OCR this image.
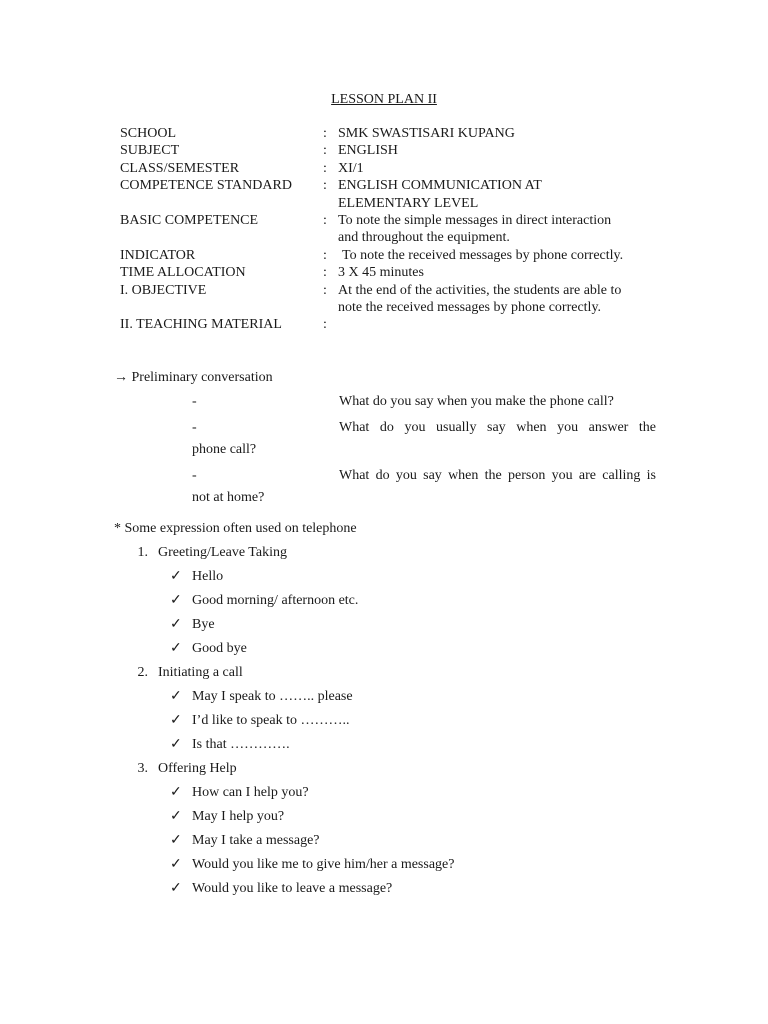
LESSON PLAN II
SCHOOL	: SMK SWASTISARI KUPANG
SUBJECT	: ENGLISH
CLASS/SEMESTER	: XI/1
COMPETENCE STANDARD	: ENGLISH COMMUNICATION AT
ELEMENTARY LEVEL
BASIC COMPETENCE	: To note the simple messages in direct interaction
and throughout the equipment.
INDICATOR	:	To note the received messages by phone correctly.
TIME ALLOCATION	: 3 X 45 minutes
I. OBJECTIVE	: At the end of the activities, the students are able to
note the received messages by phone correctly.
II. TEACHING MATERIAL	:
→ Preliminary conversation
-	What do you say when you make the phone call?
-	What do you usually say when you answer the
phone call?
-	What do you say when the person you are calling is
not at home?
* Some expression often used on telephone
1. Greeting/Leave Taking
✓ Hello
✓ Good morning/ afternoon etc.
✓ Bye
✓ Good bye
2. Initiating a call
✓ May I speak to …….. please
✓ I’d like to speak to ………..
✓ Is that ………….
3. Offering Help
✓ How can I help you?
✓ May I help you?
✓ May I take a message?
✓ Would you like me to give him/her a message?
✓ Would you like to leave a message?
